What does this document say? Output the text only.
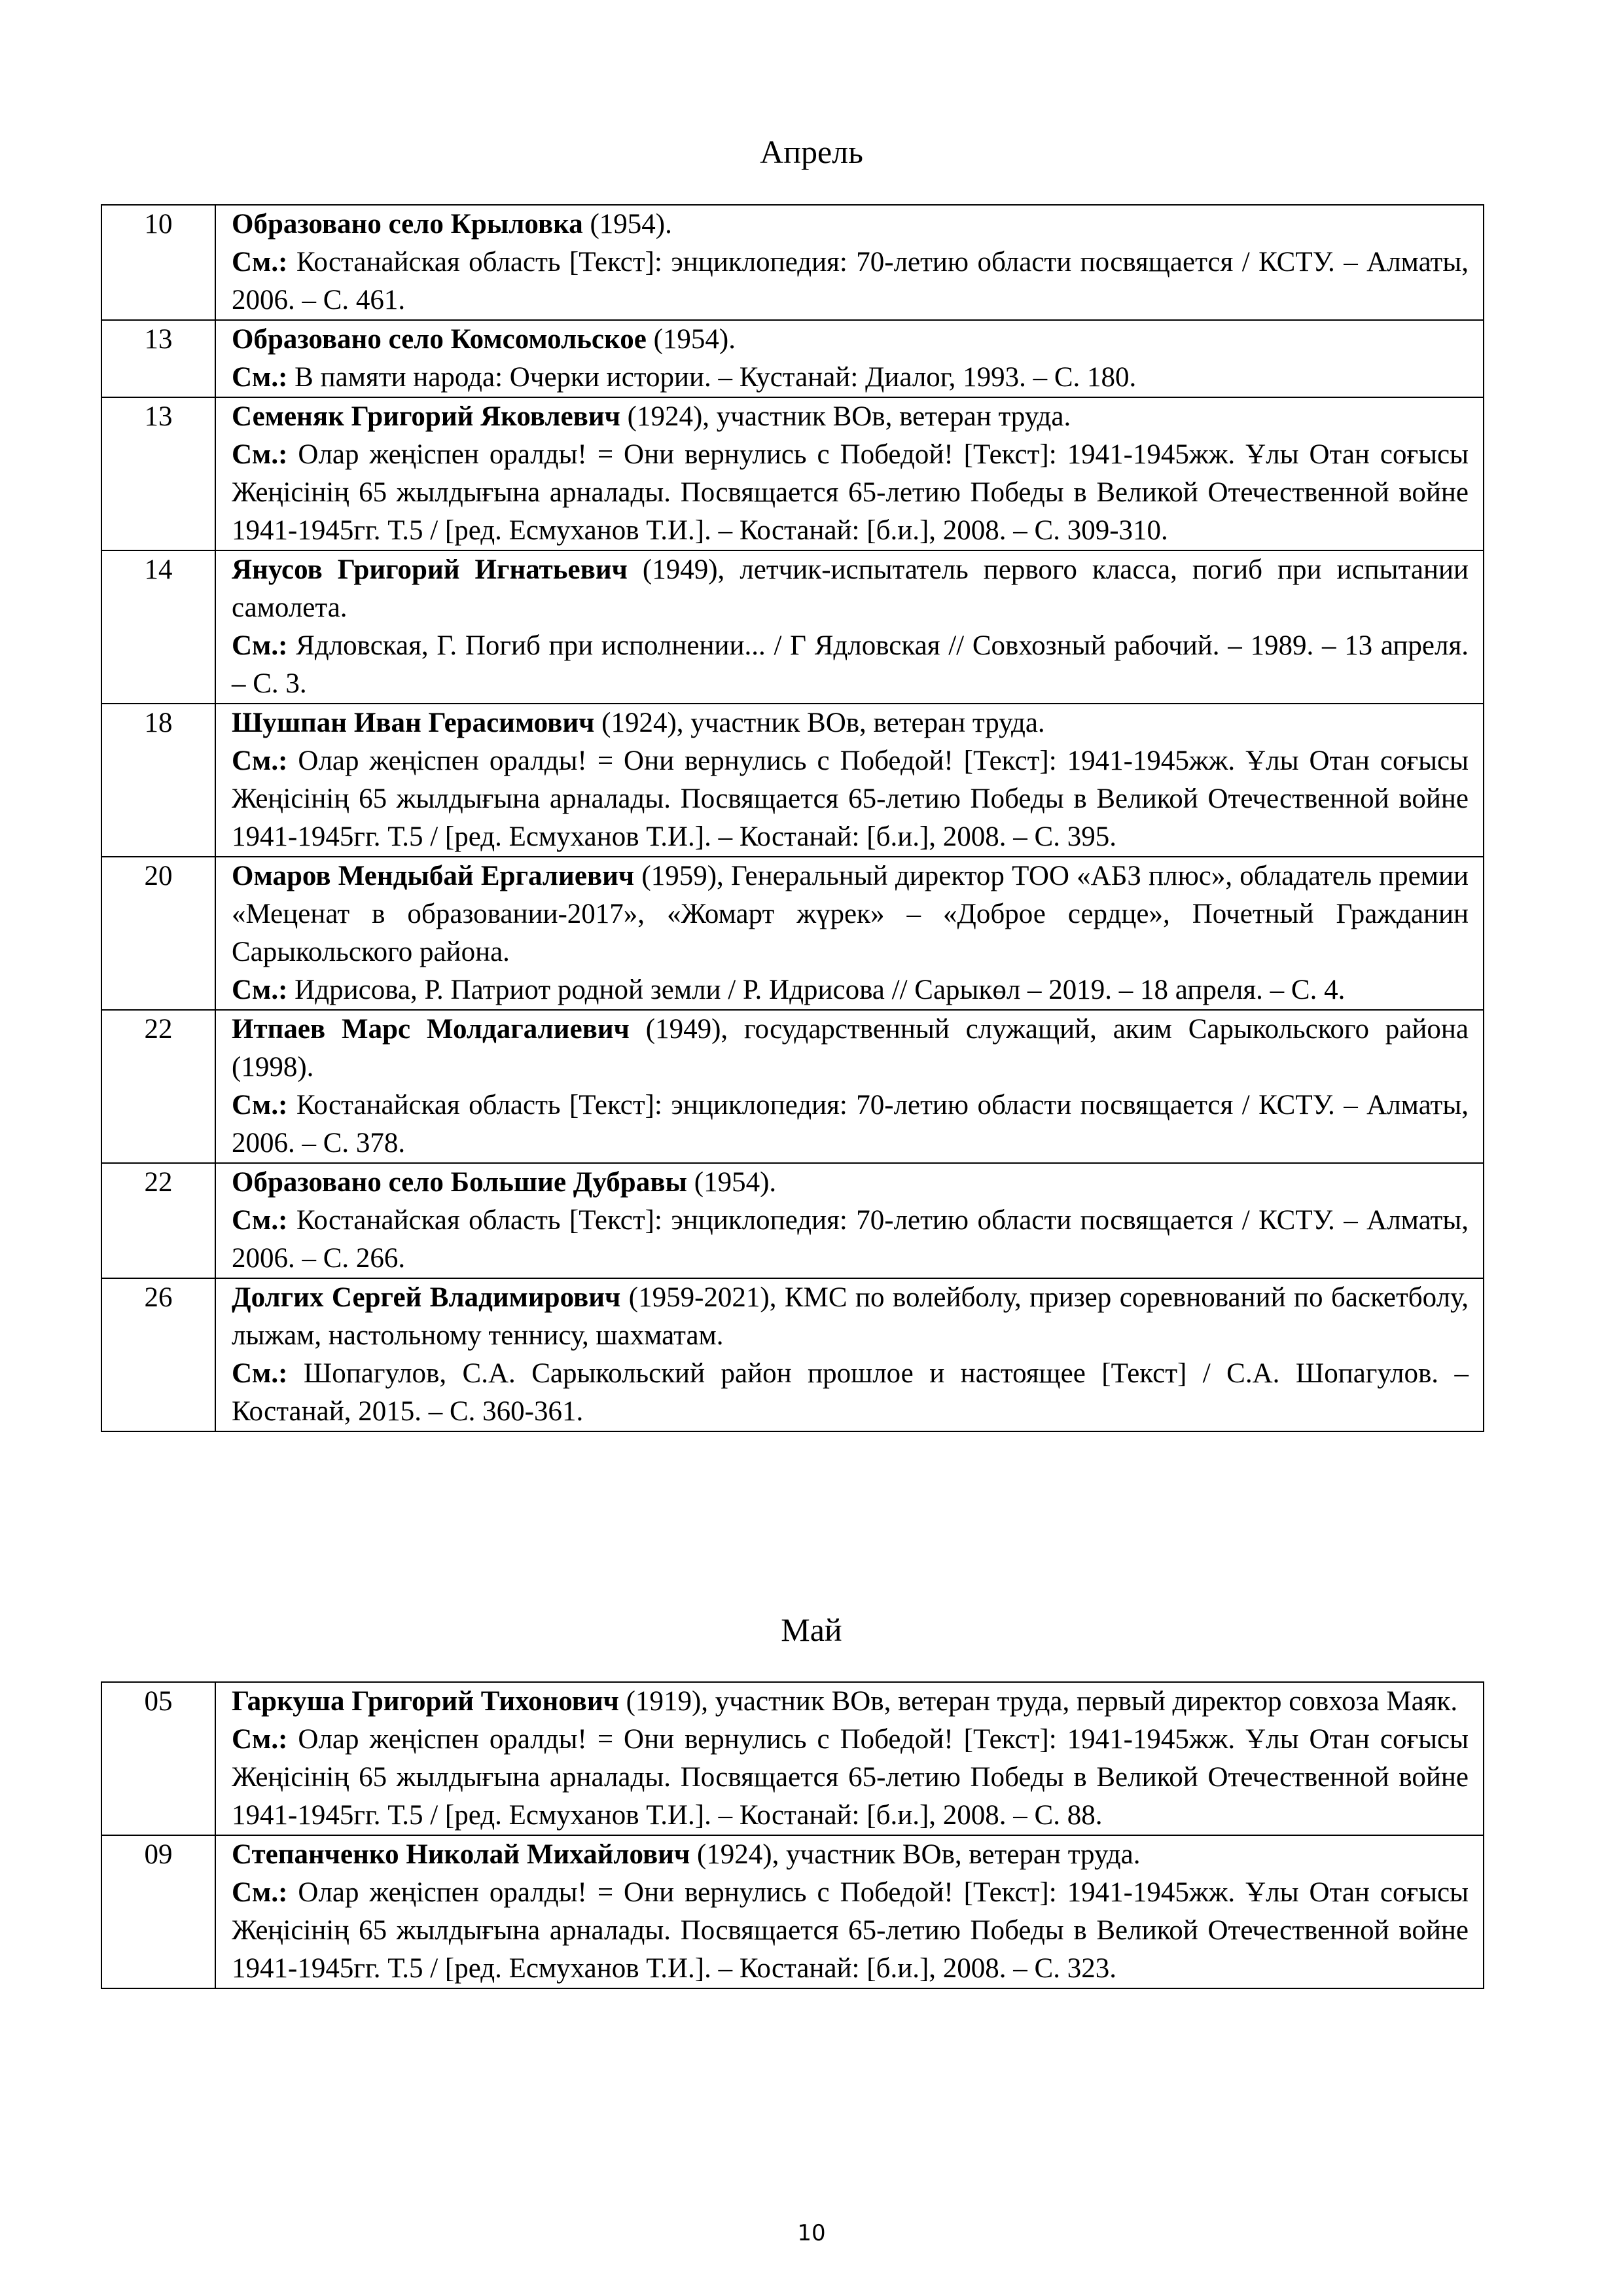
Апрель
10	Образовано село Крыловка (1954).
См.: Костанайская область [Текст]: энциклопедия: 70-летию области посвящается / КСТУ. – Алматы, 2006. – С. 461.

13	Образовано село Комсомольское (1954).
См.: В памяти народа: Очерки истории. – Кустанай: Диалог, 1993. – С. 180.

13	Семеняк Григорий Яковлевич (1924), участник ВОв, ветеран труда.
См.: Олар жеңіспен оралды! = Они вернулись с Победой! [Текст]: 1941-1945жж. Ұлы Отан соғысы Жеңісінің 65 жылдығына арналады. Посвящается 65-летию Победы в Великой Отечественной войне 1941-1945гг. Т.5 / [ред. Есмуханов Т.И.]. – Костанай: [б.и.], 2008. – С. 309-310.

14	Янусов Григорий Игнатьевич (1949), летчик-испытатель первого класса, погиб при испытании самолета.
См.: Ядловская, Г. Погиб при исполнении... / Г Ядловская // Совхозный рабочий. – 1989. – 13 апреля. – С. 3.

18	Шушпан Иван Герасимович (1924), участник ВОв, ветеран труда.
См.: Олар жеңіспен оралды! = Они вернулись с Победой! [Текст]: 1941-1945жж. Ұлы Отан соғысы Жеңісінің 65 жылдығына арналады. Посвящается 65-летию Победы в Великой Отечественной войне 1941-1945гг. Т.5 / [ред. Есмуханов Т.И.]. – Костанай: [б.и.], 2008. – С. 395.

20	Омаров Мендыбай Ергалиевич (1959), Генеральный директор ТОО «АБЗ плюс», обладатель премии «Меценат в образовании-2017», «Жомарт жүрек» – «Доброе сердце», Почетный Гражданин Сарыкольского района.
См.: Идрисова, Р. Патриот родной земли / Р. Идрисова // Сарыкөл – 2019. – 18 апреля. – С. 4.

22	Итпаев Марс Молдагалиевич (1949), государственный служащий, аким Сарыкольского района (1998).
См.: Костанайская область [Текст]: энциклопедия: 70-летию области посвящается / КСТУ. – Алматы, 2006. – С. 378.

22	Образовано село Большие Дубравы (1954).
См.: Костанайская область [Текст]: энциклопедия: 70-летию области посвящается / КСТУ. – Алматы, 2006. – С. 266.

26	Долгих Сергей Владимирович (1959-2021), КМС по волейболу, призер соревнований по баскетболу, лыжам, настольному теннису, шахматам.
См.: Шопагулов, С.А. Сарыкольский район прошлое и настоящее [Текст] / С.А. Шопагулов. – Костанай, 2015. – С. 360-361.
Май
05	Гаркуша Григорий Тихонович (1919), участник ВОв, ветеран труда, первый директор совхоза Маяк.
См.: Олар жеңіспен оралды! = Они вернулись с Победой! [Текст]: 1941-1945жж. Ұлы Отан соғысы Жеңісінің 65 жылдығына арналады. Посвящается 65-летию Победы в Великой Отечественной войне 1941-1945гг. Т.5 / [ред. Есмуханов Т.И.]. – Костанай: [б.и.], 2008. – С. 88.

09	Степанченко Николай Михайлович (1924), участник ВОв, ветеран труда.
См.: Олар жеңіспен оралды! = Они вернулись с Победой! [Текст]: 1941-1945жж. Ұлы Отан соғысы Жеңісінің 65 жылдығына арналады. Посвящается 65-летию Победы в Великой Отечественной войне 1941-1945гг. Т.5 / [ред. Есмуханов Т.И.]. – Костанай: [б.и.], 2008. – С. 323.
10
